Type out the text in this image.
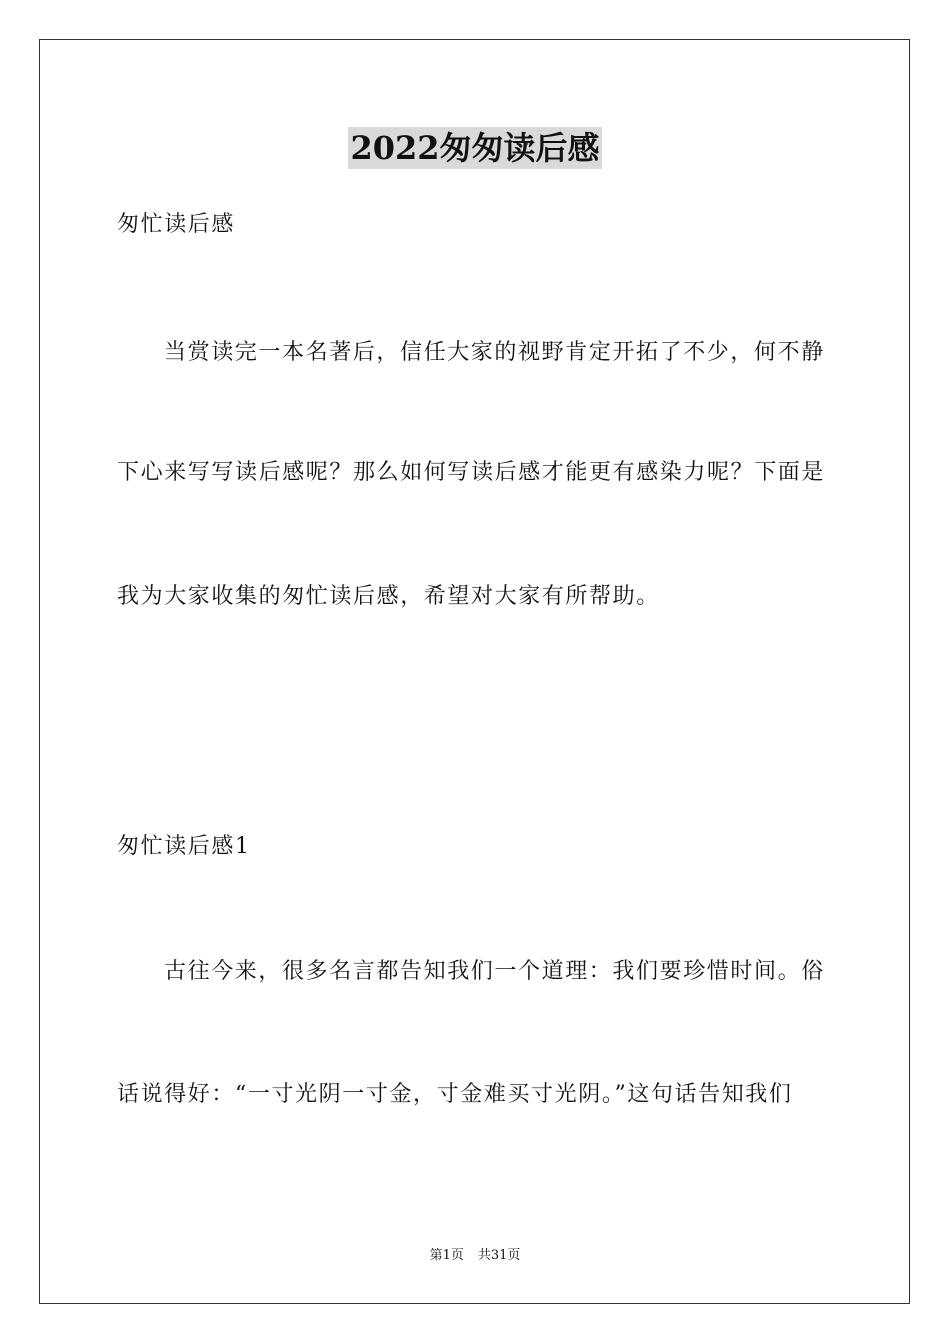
2022匆匆读后感
匆忙读后感
当赏读完一本名著后，信任大家的视野肯定开拓了不少，何不静
下心来写写读后感呢？那么如何写读后感才能更有感染力呢？下面是
我为大家收集的匆忙读后感，希望对大家有所帮助。
匆忙读后感1
古往今来，很多名言都告知我们一个道理：我们要珍惜时间。俗
话说得好：“一寸光阴一寸金，寸金难买寸光阴。”这句话告知我们
第1页 共31页
